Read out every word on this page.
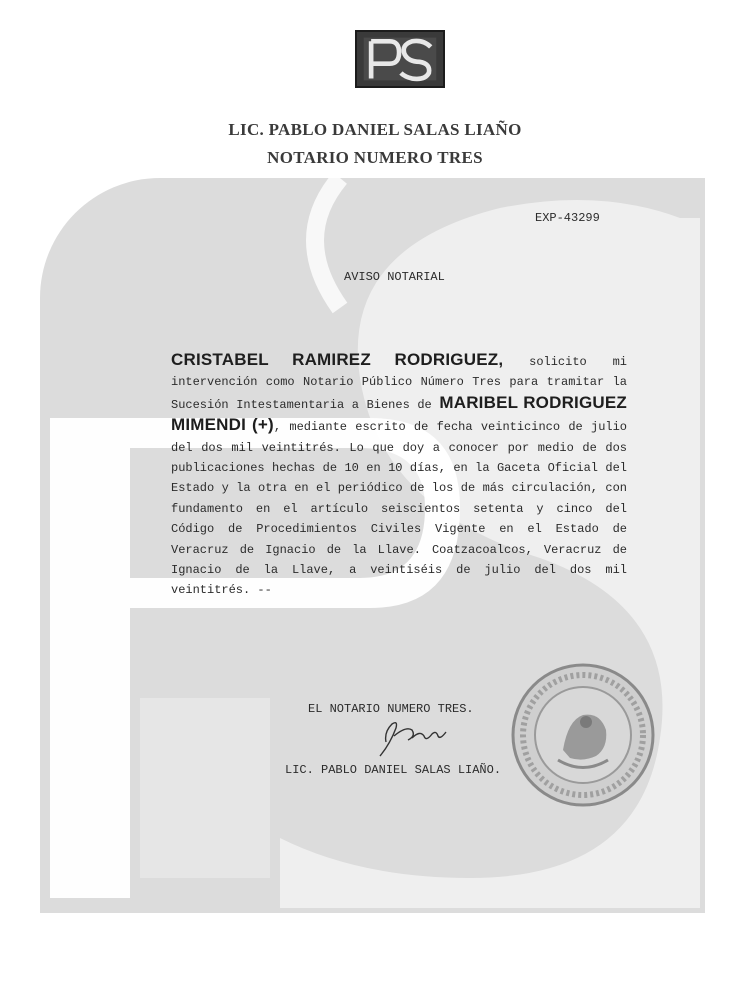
LIC. PABLO DANIEL SALAS LIAÑO
NOTARIO NUMERO TRES
EXP-43299
AVISO NOTARIAL
CRISTABEL RAMIREZ RODRIGUEZ, solicito mi intervención como Notario Público Número Tres para tramitar la Sucesión Intestamentaria a Bienes de MARIBEL RODRIGUEZ MIMENDI (+), mediante escrito de fecha veinticinco de julio del dos mil veintitrés. Lo que doy a conocer por medio de dos publicaciones hechas de 10 en 10 días, en la Gaceta Oficial del Estado y la otra en el periódico de los de más circulación, con fundamento en el artículo seiscientos setenta y cinco del Código de Procedimientos Civiles Vigente en el Estado de Veracruz de Ignacio de la Llave. Coatzacoalcos, Veracruz de Ignacio de la Llave, a veintiséis de julio del dos mil veintitrés. --
EL NOTARIO NUMERO TRES.
LIC. PABLO DANIEL SALAS LIAÑO.
